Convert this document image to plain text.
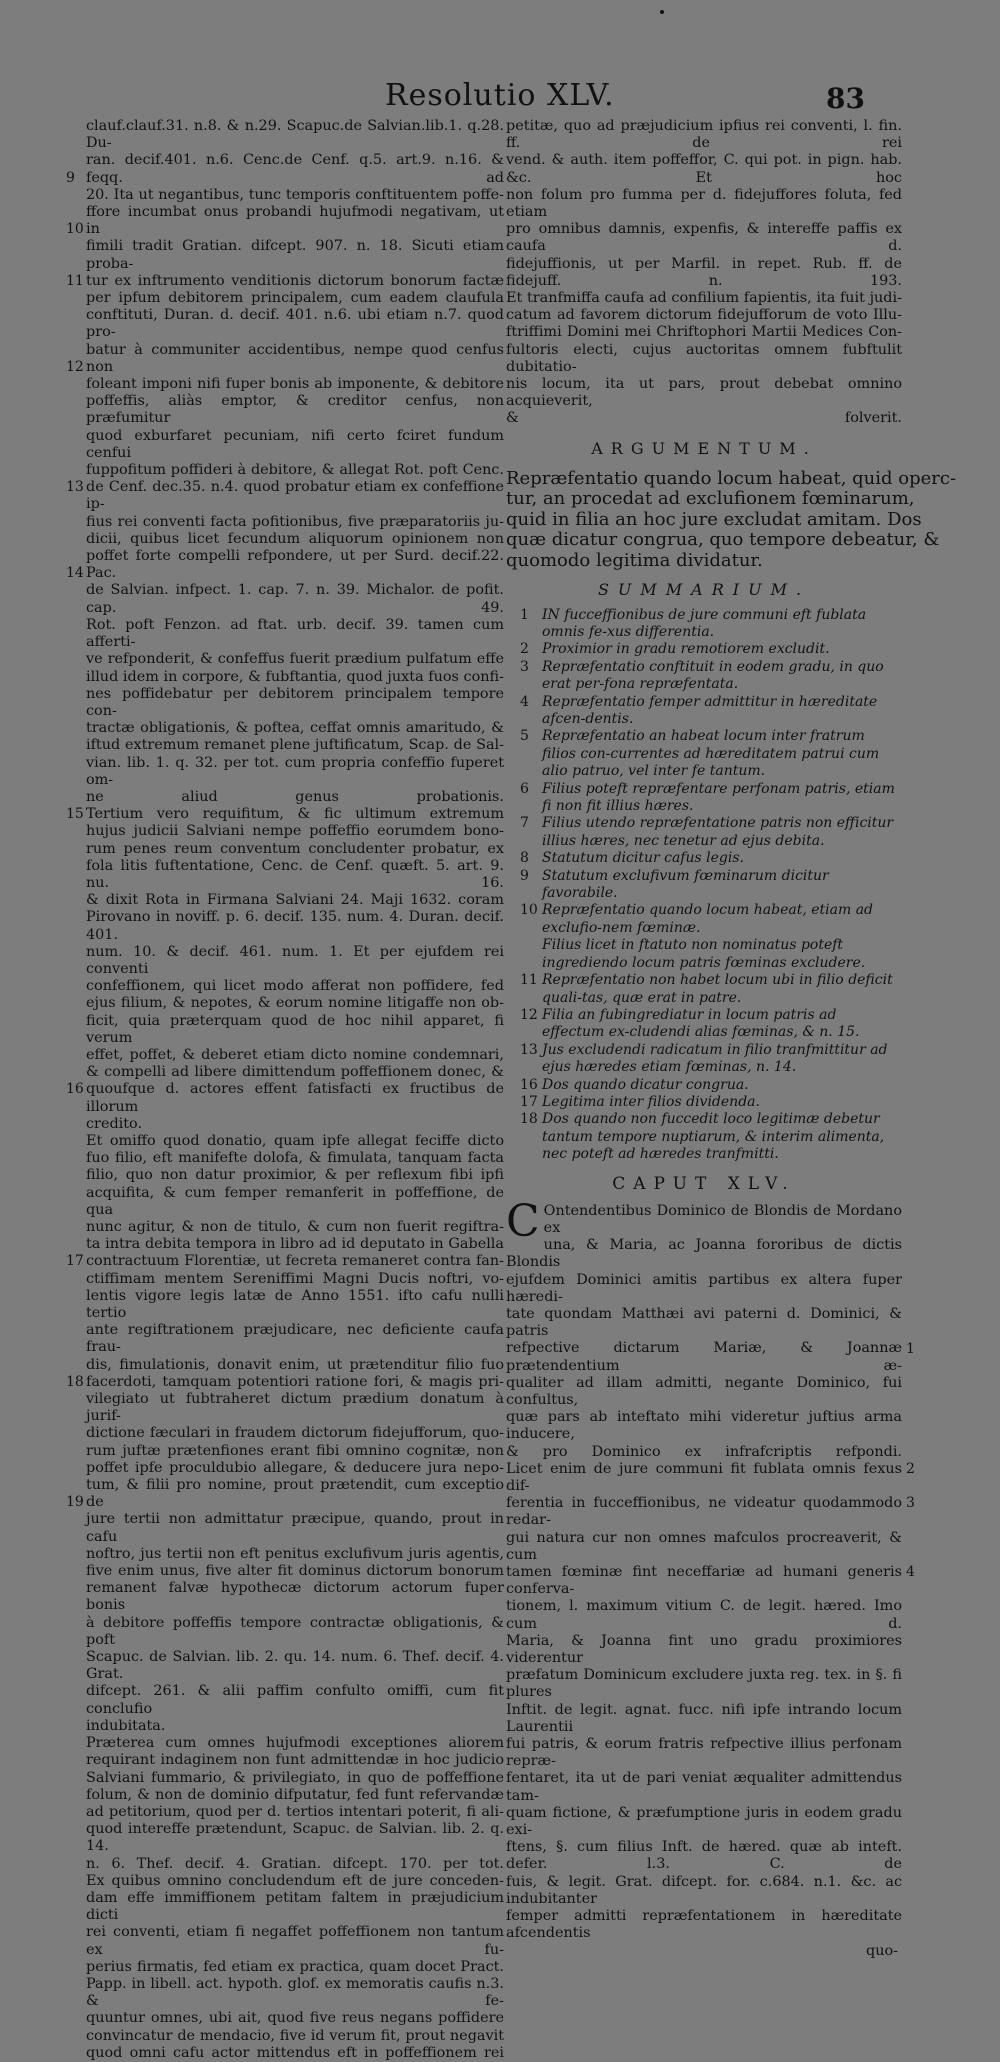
Resolutio XLV.	83
clauf.clauf.31. n.8. & n.29. Scapuc.de Salvian.lib.1. q.28. Du-
ran. decif.401. n.6. Cenc.de Cenf. q.5. art.9. n.16. & feqq. ad
20. Ita ut negantibus, tunc temporis conftituentem poffe-
ffore incumbat onus probandi hujufmodi negativam, ut in
fimili tradit Gratian. difcept. 907. n. 18. Sicuti etiam proba-
tur ex inftrumento venditionis dictorum bonorum factæ
per ipfum debitorem principalem, cum eadem claufula
conftituti, Duran. d. decif. 401. n.6. ubi etiam n.7. quod pro-
batur à communiter accidentibus, nempe quod cenfus non
foleant imponi nifi fuper bonis ab imponente, & debitore
poffeffis, aliàs emptor, & creditor cenfus, non præfumitur
quod exburfaret pecuniam, nifi certo fciret fundum cenfui
fuppofitum poffideri à debitore, & allegat Rot. poft Cenc.
de Cenf. dec.35. n.4. quod probatur etiam ex confeffione ip-
fius rei conventi facta pofitionibus, five præparatoriis ju-
dicii, quibus licet fecundum aliquorum opinionem non
poffet forte compelli refpondere, ut per Surd. decif.22. Pac.
de Salvian. infpect. 1. cap. 7. n. 39. Michalor. de pofit. cap. 49.
Rot. poft Fenzon. ad ftat. urb. decif. 39. tamen cum afferti-
ve refponderit, & confeffus fuerit prædium pulfatum effe
illud idem in corpore, & fubftantia, quod juxta fuos confi-
nes poffidebatur per debitorem principalem tempore con-
tractæ obligationis, & poftea, ceffat omnis amaritudo, &
iftud extremum remanet plene juftificatum, Scap. de Sal-
vian. lib. 1. q. 32. per tot. cum propria confeffio fuperet om-
ne aliud genus probationis.
Tertium vero requifitum, & fic ultimum extremum
hujus judicii Salviani nempe poffeffio eorumdem bono-
rum penes reum conventum concludenter probatur, ex
fola litis fuftentatione, Cenc. de Cenf. quæft. 5. art. 9. nu. 16.
& dixit Rota in Firmana Salviani 24. Maji 1632. coram
Pirovano in noviff. p. 6. decif. 135. num. 4. Duran. decif. 401.
num. 10. & decif. 461. num. 1. Et per ejufdem rei conventi
confeffionem, qui licet modo afferat non poffidere, fed
ejus filium, & nepotes, & eorum nomine litigaffe non ob-
ficit, quia præterquam quod de hoc nihil apparet, fi verum
effet, poffet, & deberet etiam dicto nomine condemnari,
& compelli ad libere dimittendum poffeffionem donec, &
quoufque d. actores effent fatisfacti ex fructibus de illorum
credito.
Et omiffo quod donatio, quam ipfe allegat feciffe dicto
fuo filio, eft manifefte dolofa, & fimulata, tanquam facta
filio, quo non datur proximior, & per reflexum fibi ipfi
acquifita, & cum femper remanferit in poffeffione, de qua
nunc agitur, & non de titulo, & cum non fuerit regiftra-
ta intra debita tempora in libro ad id deputato in Gabella
contractuum Florentiæ, ut fecreta remaneret contra fan-
ctiffimam mentem Sereniffimi Magni Ducis noftri, vo-
lentis vigore legis latæ de Anno 1551. ifto cafu nulli tertio
ante regiftrationem præjudicare, nec deficiente caufa frau-
dis, fimulationis, donavit enim, ut prætenditur filio fuo
facerdoti, tamquam potentiori ratione fori, & magis pri-
vilegiato ut fubtraheret dictum prædium donatum à jurif-
dictione fæculari in fraudem dictorum fidejufforum, quo-
rum juftæ prætenfiones erant fibi omnino cognitæ, non
poffet ipfe proculdubio allegare, & deducere jura nepo-
tum, & filii pro nomine, prout prætendit, cum exceptio de
jure tertii non admittatur præcipue, quando, prout in cafu
noftro, jus tertii non eft penitus exclufivum juris agentis,
five enim unus, five alter fit dominus dictorum bonorum
remanent falvæ hypothecæ dictorum actorum fuper bonis
à debitore poffeffis tempore contractæ obligationis, & poft
Scapuc. de Salvian. lib. 2. qu. 14. num. 6. Thef. decif. 4. Grat.
difcept. 261. & alii paffim confulto omiffi, cum fit conclufio
indubitata.
Præterea cum omnes hujufmodi exceptiones aliorem
requirant indaginem non funt admittendæ in hoc judicio
Salviani fummario, & privilegiato, in quo de poffeffione
folum, & non de dominio difputatur, fed funt refervandæ
ad petitorium, quod per d. tertios intentari poterit, fi ali-
quod intereffe prætendunt, Scapuc. de Salvian. lib. 2. q. 14.
n. 6. Thef. decif. 4. Gratian. difcept. 170. per tot.
Ex quibus omnino concludendum eft de jure conceden-
dam effe immiffionem petitam faltem in præjudicium dicti
rei conventi, etiam fi negaffet poffeffionem non tantum ex fu-
perius firmatis, fed etiam ex practica, quam docet Pract.
Papp. in libell. act. hypoth. glof. ex memoratis caufis n.3. & fe-
quuntur omnes, ubi ait, quod five reus negans poffidere
convincatur de mendacio, five id verum fit, prout negavit
quod omni cafu actor mittendus eft in poffeffionem rei
9
10
11
12
13
14
15
16
17
18
19
petitæ, quo ad præjudicium ipfius rei conventi, l. fin. ff. de rei
vend. & auth. item poffeffor, C. qui pot. in pign. hab. &c. Et hoc
non folum pro fumma per d. fidejuffores foluta, fed etiam
pro omnibus damnis, expenfis, & intereffe paffis ex caufa d.
fidejuffionis, ut per Marfil. in repet. Rub. ff. de fidejuff. n. 193.
Et tranfmiffa caufa ad confilium fapientis, ita fuit judi-
catum ad favorem dictorum fidejufforum de voto Illu-
ftriffimi Domini mei Chriftophori Martii Medices Con-
fultoris electi, cujus auctoritas omnem fubftulit dubitatio-
nis locum, ita ut pars, prout debebat omnino acquieverit,
& folverit.
ARGUMENTUM.
Repræfentatio quando locum habeat, quid operc-
tur, an procedat ad exclufionem fœminarum,
quid in filia an hoc jure excludat amitam. Dos
quæ dicatur congrua, quo tempore debeatur, &
quomodo legitima dividatur.
SUMMARIUM.
1 IN fucceffionibus de jure communi eft fublata omnis fe-xus differentia.
2 Proximior in gradu remotiorem excludit.
3 Repræfentatio conftituit in eodem gradu, in quo erat per-fona repræfentata.
4 Repræfentatio femper admittitur in hæreditate afcen-dentis.
5 Repræfentatio an habeat locum inter fratrum filios con-currentes ad hæreditatem patrui cum alio patruo, vel inter fe tantum.
6 Filius poteft repræfentare perfonam patris, etiam fi non fit illius hæres.
7 Filius utendo repræfentatione patris non efficitur illius hæres, nec tenetur ad ejus debita.
8 Statutum dicitur cafus legis.
9 Statutum exclufivum fœminarum dicitur favorabile.
10 Repræfentatio quando locum habeat, etiam ad exclufio-nem fœminæ.
Filius licet in ftatuto non nominatus poteft ingrediendo locum patris fœminas excludere.
11 Repræfentatio non habet locum ubi in filio deficit quali-tas, quæ erat in patre.
12 Filia an fubingrediatur in locum patris ad effectum ex-cludendi alias fœminas, & n. 15.
13 Jus excludendi radicatum in filio tranfmittitur ad ejus hæredes etiam fœminas, n. 14.
16 Dos quando dicatur congrua.
17 Legitima inter filios dividenda.
18 Dos quando non fuccedit loco legitimæ debetur tantum tempore nuptiarum, & interim alimenta, nec poteft ad hæredes tranfmitti.
CAPUT XLV.
C Ontendentibus Dominico de Blondis de Mordano ex
una, & Maria, ac Joanna fororibus de dictis Blondis
ejufdem Dominici amitis partibus ex altera fuper hæredi-
tate quondam Matthæi avi paterni d. Dominici, & patris
refpective dictarum Mariæ, & Joannæ prætendentium æ-
qualiter ad illam admitti, negante Dominico, fui confultus,
quæ pars ab inteftato mihi videretur juftius arma inducere,
& pro Dominico ex infrafcriptis refpondi.
Licet enim de jure communi fit fublata omnis fexus dif-
ferentia in fucceffionibus, ne videatur quodammodo redar-
gui natura cur non omnes mafculos procreaverit, & cum
tamen fœminæ fint neceffariæ ad humani generis conferva-
tionem, l. maximum vitium C. de legit. hæred. Imo cum d.
Maria, & Joanna fint uno gradu proximiores viderentur
præfatum Dominicum excludere juxta reg. tex. in §. fi plures
Inftit. de legit. agnat. fucc. nifi ipfe intrando locum Laurentii
fui patris, & eorum fratris refpective illius perfonam repræ-
fentaret, ita ut de pari veniat æqualiter admittendus tam-
quam fictione, & præfumptione juris in eodem gradu exi-
ftens, §. cum filius Inft. de hæred. quæ ab inteft. defer. l.3. C. de
fuis, & legit. Grat. difcept. for. c.684. n.1. &c. ac indubitanter
femper admitti repræfentationem in hæreditate afcendentis
quo-
1
2
3
4
